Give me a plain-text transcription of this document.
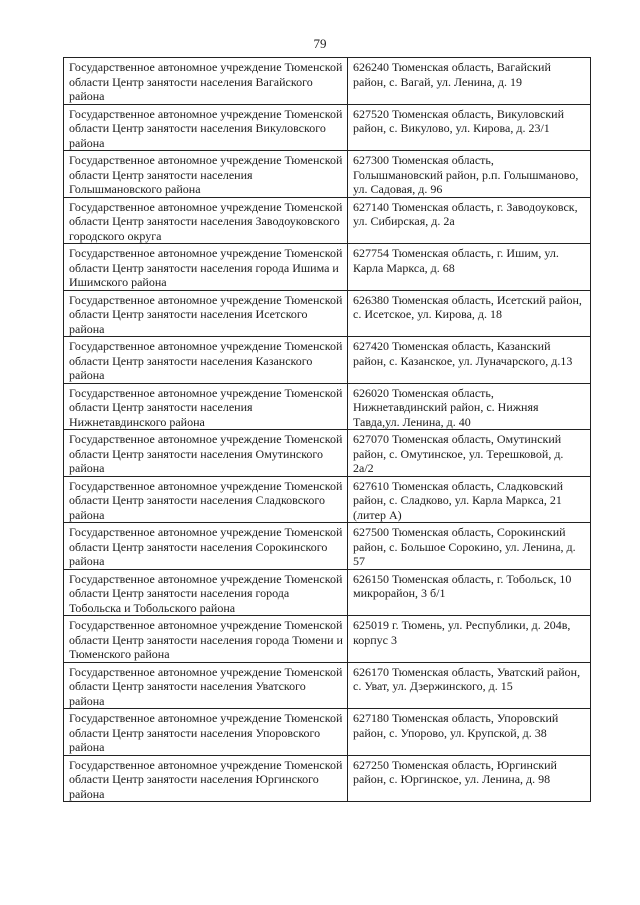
79
Государственное автономное учреждение Тюменской области Центр занятости населения Вагайского района	626240 Тюменская область, Вагайский район, с. Вагай, ул. Ленина, д. 19
Государственное автономное учреждение Тюменской области Центр занятости населения Викуловского района	627520 Тюменская область, Викуловский район, с. Викулово, ул. Кирова, д. 23/1
Государственное автономное учреждение Тюменской области Центр занятости населения Голышмановского района	627300 Тюменская область, Голышмановский район, р.п. Голышманово, ул. Садовая, д. 96
Государственное автономное учреждение Тюменской области Центр занятости населения Заводоуковского городского округа	627140 Тюменская область, г. Заводоуковск, ул. Сибирская, д. 2а
Государственное автономное учреждение Тюменской области Центр занятости населения города Ишима и Ишимского района	627754 Тюменская область, г. Ишим, ул. Карла Маркса, д. 68
Государственное автономное учреждение Тюменской области Центр занятости населения Исетского района	626380 Тюменская область, Исетский район, с. Исетское, ул. Кирова, д. 18
Государственное автономное учреждение Тюменской области Центр занятости населения Казанского района	627420 Тюменская область, Казанский район, с. Казанское, ул. Луначарского, д.13
Государственное автономное учреждение Тюменской области Центр занятости населения Нижнетавдинского района	626020 Тюменская область, Нижнетавдинский район, с. Нижняя Тавда,ул. Ленина, д. 40
Государственное автономное учреждение Тюменской области Центр занятости населения Омутинского района	627070 Тюменская область, Омутинский район, с. Омутинское, ул. Терешковой, д. 2а/2
Государственное автономное учреждение Тюменской области Центр занятости населения Сладковского района	627610 Тюменская область, Сладковский район, с. Сладково, ул. Карла Маркса, 21 (литер А)
Государственное автономное учреждение Тюменской области Центр занятости населения Сорокинского района	627500 Тюменская область, Сорокинский район, с. Большое Сорокино, ул. Ленина, д. 57
Государственное автономное учреждение Тюменской области Центр занятости населения города Тобольска и Тобольского района	626150 Тюменская область, г. Тобольск, 10 микрорайон, 3 б/1
Государственное автономное учреждение Тюменской области Центр занятости населения города Тюмени и Тюменского района	625019 г. Тюмень, ул. Республики, д. 204в, корпус 3
Государственное автономное учреждение Тюменской области Центр занятости населения Уватского района	626170 Тюменская область, Уватский район, с. Уват, ул. Дзержинского, д. 15
Государственное автономное учреждение Тюменской области Центр занятости населения Упоровского района	627180 Тюменская область, Упоровский район, с. Упорово, ул. Крупской, д. 38
Государственное автономное учреждение Тюменской области Центр занятости населения Юргинского района	627250 Тюменская область, Юргинский район, с. Юргинское, ул. Ленина, д. 98
